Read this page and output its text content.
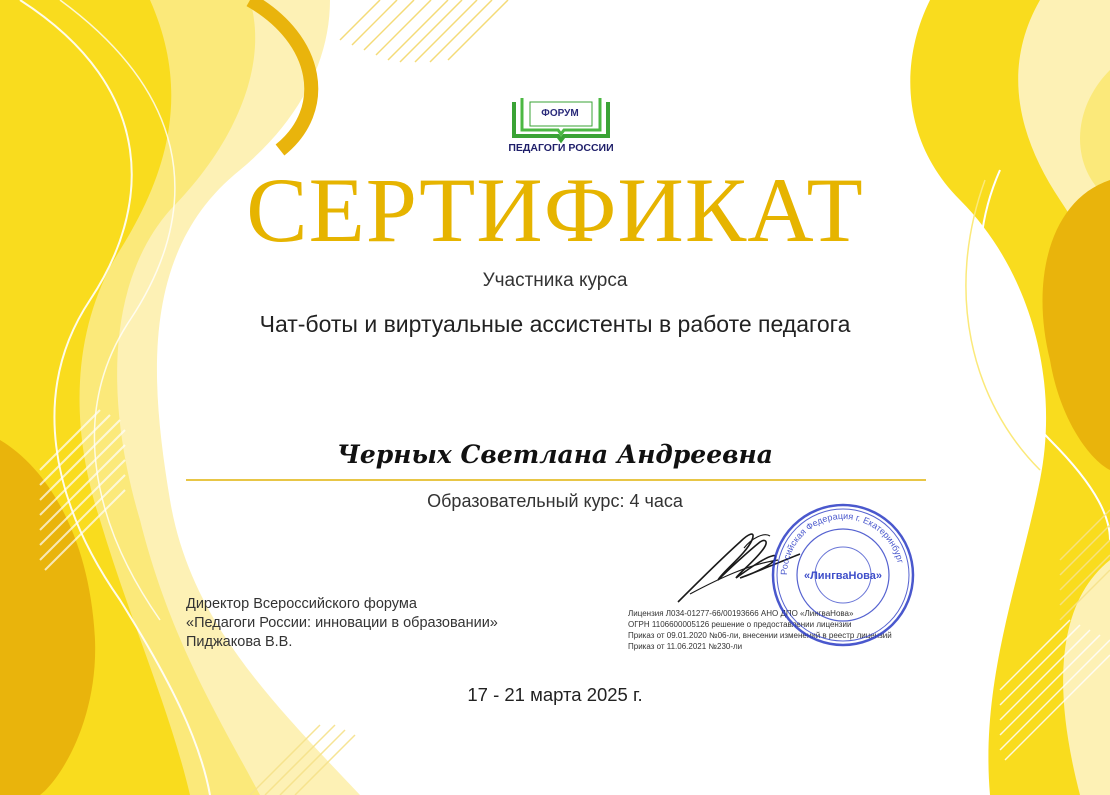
ФОРУМ
ПЕДАГОГИ РОССИИ
СЕРТИФИКАТ
Участника курса
Чат-боты и виртуальные ассистенты в работе педагога
Черных Светлана Андреевна
Образовательный курс: 4 часа
Директор Всероссийского форума
«Педагоги России: инновации в образовании»
Пиджакова В.В.
Лицензия Л034-01277-66/00193666 АНО ДПО «ЛингваНова»
ОГРН 1106600005126 решение о предоставлении лицензии
Приказ от 09.01.2020 №06-ли, внесении изменений в реестр лицензий
Приказ от 11.06.2021 №230-ли
Российская Федерация г. Екатеринбург
«ЛингваНова»
17 - 21 марта 2025 г.
